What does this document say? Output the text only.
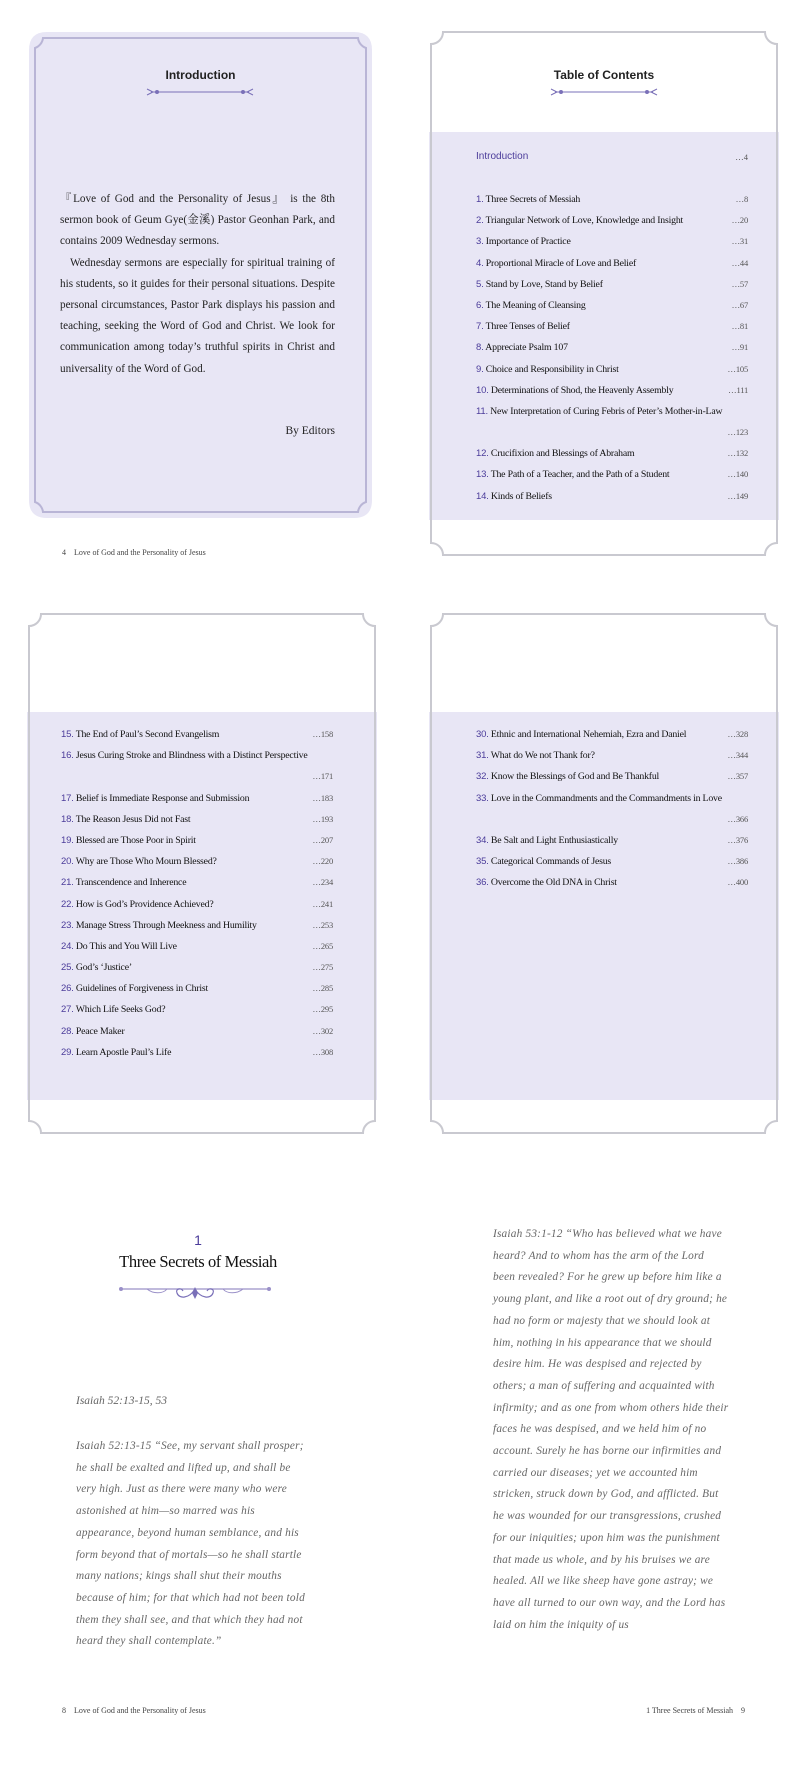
Introduction

『Love of God and the Personality of Jesus』 is the 8th sermon book of Geum Gye(金溪) Pastor Geonhan Park, and contains 2009 Wednesday sermons.

Wednesday sermons are especially for spiritual training of his students, so it guides for their personal situations. Despite personal circumstances, Pastor Park displays his passion and teaching, seeking the Word of God and Christ. We look for communication among today’s truthful spirits in Christ and universality of the Word of God.

By Editors
4 Love of God and the Personality of Jesus
Table of Contents
Introduction	…4
1. Three Secrets of Messiah	…8
2. Triangular Network of Love, Knowledge and Insight	…20
3. Importance of Practice	…31
4. Proportional Miracle of Love and Belief	…44
5. Stand by Love, Stand by Belief	…57
6. The Meaning of Cleansing	…67
7. Three Tenses of Belief	…81
8. Appreciate Psalm 107	…91
9. Choice and Responsibility in Christ	…105
10. Determinations of Shod, the Heavenly Assembly	…111
11. New Interpretation of Curing Febris of Peter’s Mother-in-Law
…123
12. Crucifixion and Blessings of Abraham	…132
13. The Path of a Teacher, and the Path of a Student	…140
14. Kinds of Beliefs	…149
15. The End of Paul’s Second Evangelism	…158
16. Jesus Curing Stroke and Blindness with a Distinct Perspective
…171
17. Belief is Immediate Response and Submission	…183
18. The Reason Jesus Did not Fast	…193
19. Blessed are Those Poor in Spirit	…207
20. Why are Those Who Mourn Blessed?	…220
21. Transcendence and Inherence	…234
22. How is God’s Providence Achieved?	…241
23. Manage Stress Through Meekness and Humility	…253
24. Do This and You Will Live	…265
25. God’s ‘Justice’	…275
26. Guidelines of Forgiveness in Christ	…285
27. Which Life Seeks God?	…295
28. Peace Maker	…302
29. Learn Apostle Paul’s Life	…308
30. Ethnic and International Nehemiah, Ezra and Daniel	…328
31. What do We not Thank for?	…344
32. Know the Blessings of God and Be Thankful	…357
33. Love in the Commandments and the Commandments in Love
…366
34. Be Salt and Light Enthusiastically	…376
35. Categorical Commands of Jesus	…386
36. Overcome the Old DNA in Christ	…400
1
Three Secrets of Messiah
Isaiah 52:13-15, 53

Isaiah 52:13-15 “See, my servant shall prosper; he shall be exalted and lifted up, and shall be very high. Just as there were many who were astonished at him—so marred was his appearance, beyond human semblance, and his form beyond that of mortals—so he shall startle many nations; kings shall shut their mouths because of him; for that which had not been told them they shall see, and that which they had not heard they shall contemplate.”

8 Love of God and the Personality of Jesus

Isaiah 53:1-12 “Who has believed what we have heard? And to whom has the arm of the Lord been revealed? For he grew up before him like a young plant, and like a root out of dry ground; he had no form or majesty that we should look at him, nothing in his appearance that we should desire him. He was despised and rejected by others; a man of suffering and acquainted with infirmity; and as one from whom others hide their faces he was despised, and we held him of no account. Surely he has borne our infirmities and carried our diseases; yet we accounted him stricken, struck down by God, and afflicted. But he was wounded for our transgressions, crushed for our iniquities; upon him was the punishment that made us whole, and by his bruises we are healed. All we like sheep have gone astray; we have all turned to our own way, and the Lord has laid on him the iniquity of us

1 Three Secrets of Messiah 9
